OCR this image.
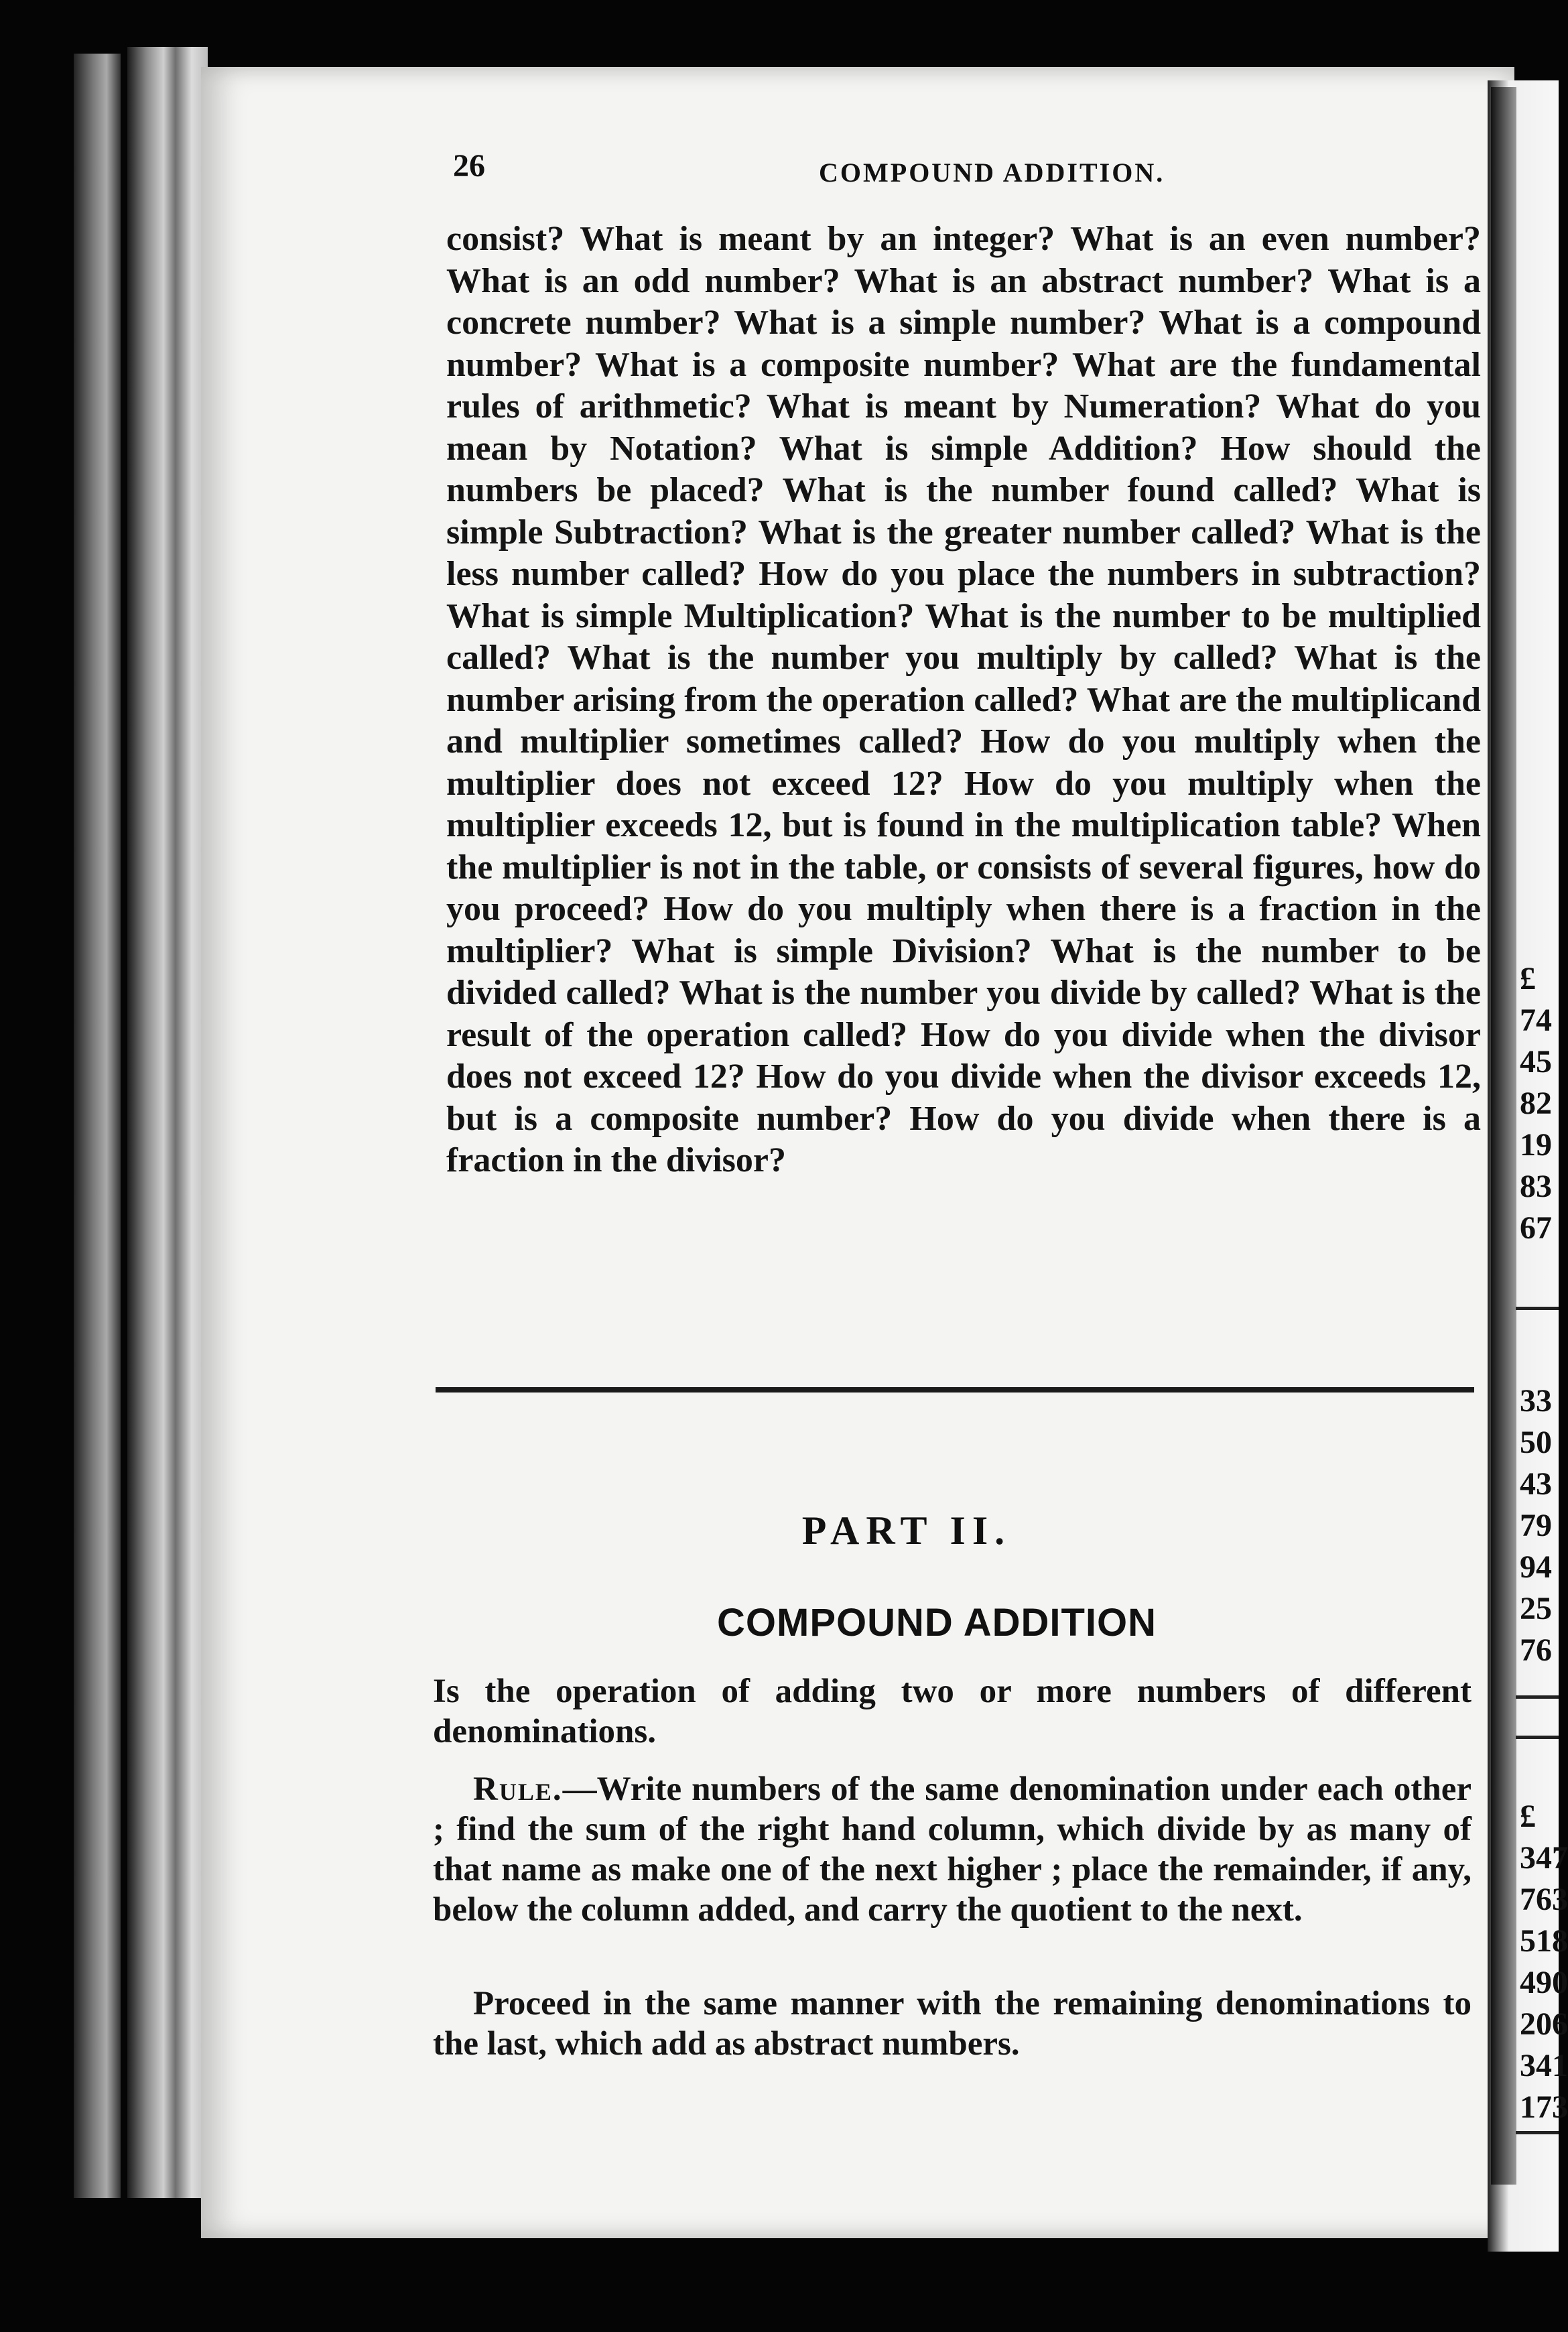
26	COMPOUND ADDITION.

consist? What is meant by an integer? What is an even number? What is an odd number? What is an abstract number? What is a concrete number? What is a simple number? What is a compound number? What is a composite number? What are the fundamental rules of arithmetic? What is meant by Numeration? What do you mean by Notation? What is simple Addition? How should the numbers be placed? What is the number found called? What is simple Subtraction? What is the greater number called? What is the less number called? How do you place the numbers in subtraction? What is simple Multiplication? What is the number to be multiplied called? What is the number you multiply by called? What is the number arising from the operation called? What are the multiplicand and multiplier sometimes called? How do you multiply when the multiplier does not exceed 12? How do you multiply when the multiplier exceeds 12, but is found in the multiplication table? When the multiplier is not in the table, or consists of several figures, how do you proceed? How do you multiply when there is a fraction in the multiplier? What is simple Division? What is the number to be divided called? What is the number you divide by called? What is the result of the operation called? How do you divide when the divisor does not exceed 12? How do you divide when the divisor exceeds 12, but is a composite number? How do you divide when there is a fraction in the divisor?

PART II.
COMPOUND ADDITION

Is the operation of adding two or more numbers of different denominations.

Rule.—Write numbers of the same denomination under each other ; find the sum of the right hand column, which divide by as many of that name as make one of the next higher ; place the remainder, if any, below the column added, and carry the quotient to the next.

Proceed in the same manner with the remaining denominations to the last, which add as abstract numbers.

£
74
45
82
19
83
67
33
50
43
79
94
25
76
£
347
763
518
490
206
341
173
